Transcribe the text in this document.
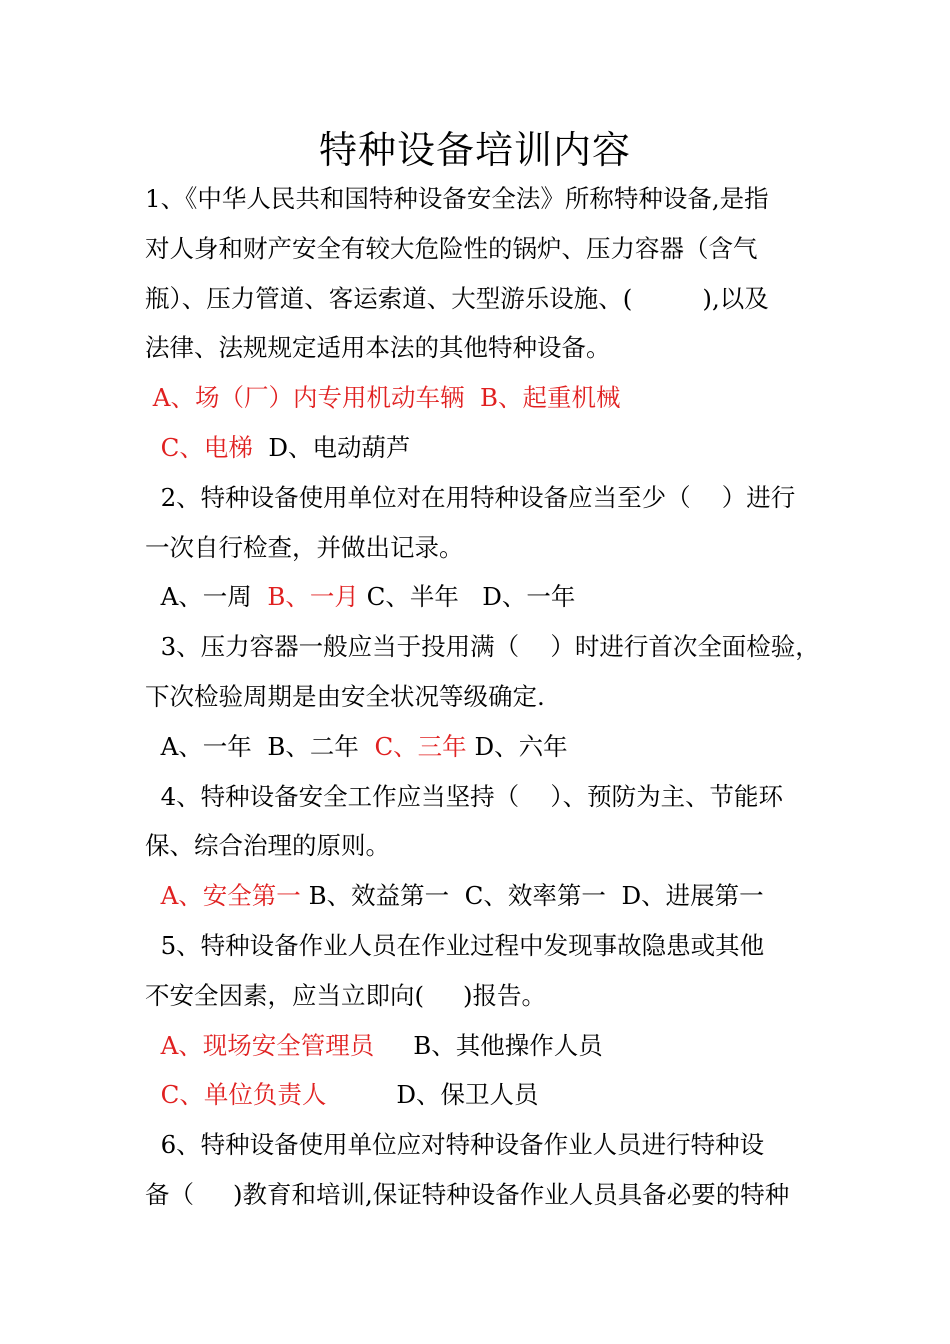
特种设备培训内容
1、《中华人民共和国特种设备安全法》所称特种设备,是指
对人身和财产安全有较大危险性的锅炉、压力容器（含气
瓶）、压力管道、客运索道、大型游乐设施、(         ),以及
法律、法规规定适用本法的其他特种设备。
A、场（厂）内专用机动车辆  B、起重机械
C、电梯  D、电动葫芦
2、特种设备使用单位对在用特种设备应当至少（    ）进行
一次自行检查，并做出记录。
A、一周  B、一月 C、半年   D、一年
3、压力容器一般应当于投用满（    ）时进行首次全面检验，
下次检验周期是由安全状况等级确定.
A、一年  B、二年  C、三年 D、六年
4、特种设备安全工作应当坚持（    ）、预防为主、节能环
保、综合治理的原则。
A、安全第一 B、效益第一  C、效率第一  D、进展第一
5、特种设备作业人员在作业过程中发现事故隐患或其他
不安全因素，应当立即向(     )报告。
A、现场安全管理员     B、其他操作人员
C、单位负责人         D、保卫人员
6、特种设备使用单位应对特种设备作业人员进行特种设
备（     )教育和培训,保证特种设备作业人员具备必要的特种
